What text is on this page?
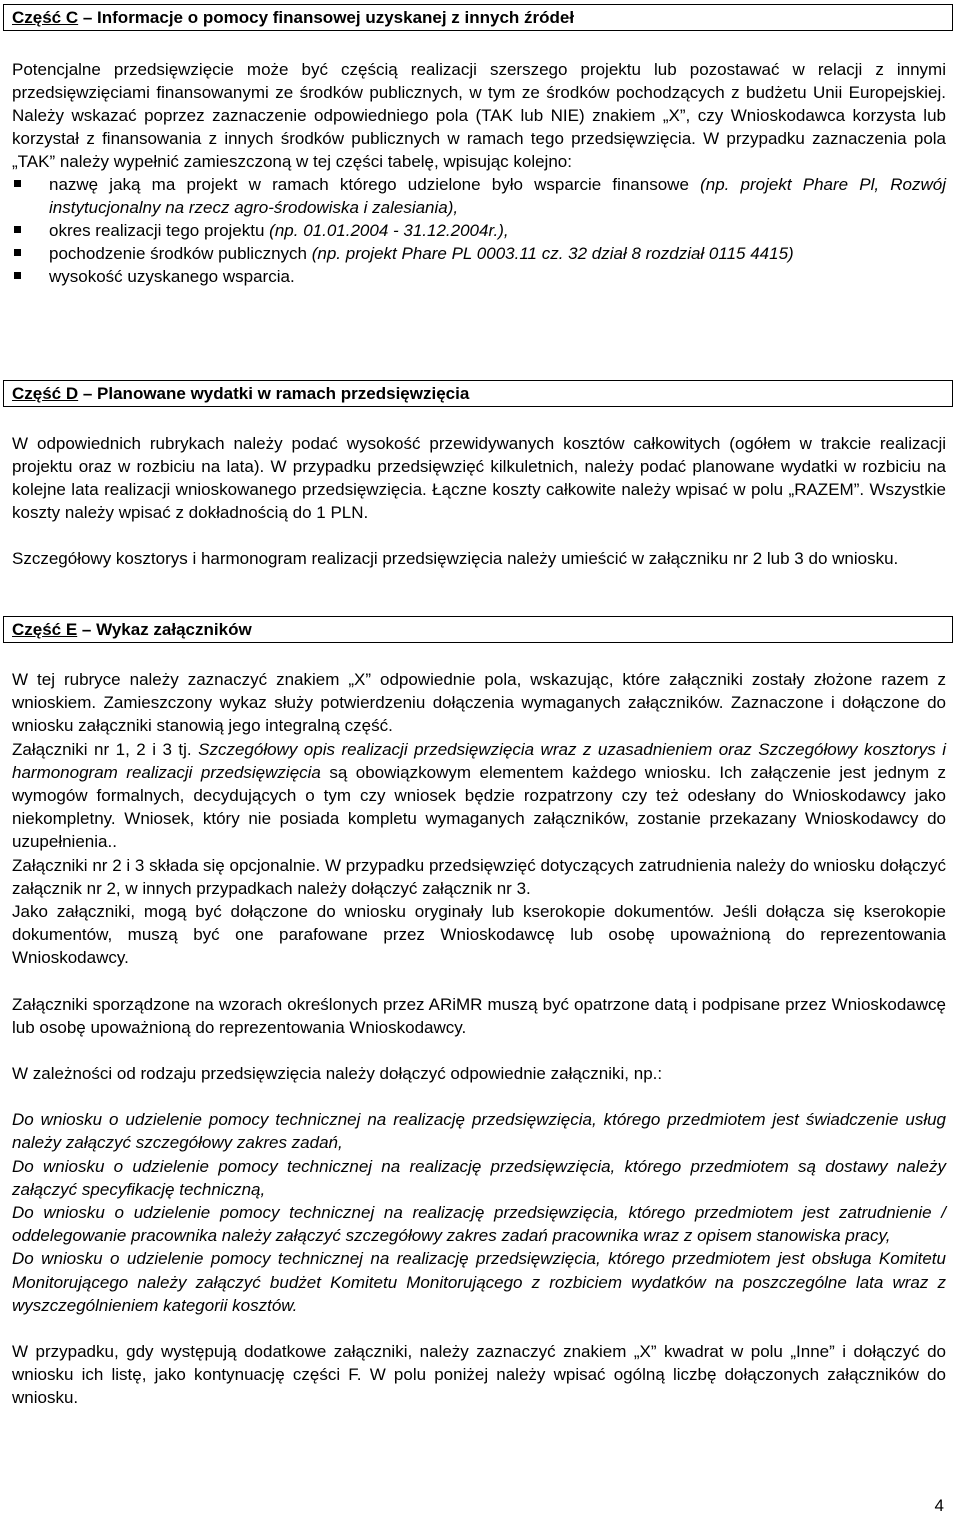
Część C – Informacje o pomocy finansowej uzyskanej z innych źródeł
Potencjalne przedsięwzięcie może być częścią realizacji szerszego projektu lub pozostawać w relacji z innymi przedsięwzięciami finansowanymi ze środków publicznych, w tym ze środków pochodzących z budżetu Unii Europejskiej. Należy wskazać poprzez zaznaczenie odpowiedniego pola (TAK lub NIE) znakiem „X”, czy Wnioskodawca korzysta lub korzystał z finansowania z innych środków publicznych w ramach tego przedsięwzięcia. W przypadku zaznaczenia pola „TAK” należy wypełnić zamieszczoną w tej części tabelę, wpisując kolejno:
nazwę jaką ma projekt w ramach którego udzielone było wsparcie finansowe (np. projekt Phare Pl, Rozwój instytucjonalny na rzecz agro-środowiska i zalesiania),
okres realizacji tego projektu (np. 01.01.2004 - 31.12.2004r.),
pochodzenie środków publicznych (np. projekt Phare PL 0003.11 cz. 32 dział 8 rozdział 0115 4415)
wysokość uzyskanego wsparcia.
Część D – Planowane wydatki w ramach przedsięwzięcia
W odpowiednich rubrykach należy podać wysokość przewidywanych kosztów całkowitych (ogółem w trakcie realizacji projektu oraz w rozbiciu na lata). W przypadku przedsięwzięć kilkuletnich, należy podać planowane wydatki w rozbiciu na kolejne lata realizacji wnioskowanego przedsięwzięcia. Łączne koszty całkowite należy wpisać w polu „RAZEM”. Wszystkie koszty należy wpisać z dokładnością do 1 PLN.
Szczegółowy kosztorys i harmonogram realizacji przedsięwzięcia należy umieścić w załączniku nr 2 lub 3 do wniosku.
Część E – Wykaz załączników
W tej rubryce należy zaznaczyć znakiem „X” odpowiednie pola, wskazując, które załączniki zostały złożone razem z wnioskiem. Zamieszczony wykaz służy potwierdzeniu dołączenia wymaganych załączników. Zaznaczone i dołączone do wniosku załączniki stanowią jego integralną część.
Załączniki nr 1, 2 i 3 tj. Szczegółowy opis realizacji przedsięwzięcia wraz z uzasadnieniem oraz Szczegółowy kosztorys i harmonogram realizacji przedsięwzięcia są obowiązkowym elementem każdego wniosku. Ich załączenie jest jednym z wymogów formalnych, decydujących o tym czy wniosek będzie rozpatrzony czy też odesłany do Wnioskodawcy jako niekompletny. Wniosek, który nie posiada kompletu wymaganych załączników, zostanie przekazany Wnioskodawcy do uzupełnienia..
Załączniki nr 2 i 3 składa się opcjonalnie. W przypadku przedsięwzięć dotyczących zatrudnienia należy do wniosku dołączyć załącznik nr 2, w innych przypadkach należy dołączyć załącznik nr 3.
Jako załączniki, mogą być dołączone do wniosku oryginały lub kserokopie dokumentów. Jeśli dołącza się kserokopie dokumentów, muszą być one parafowane przez Wnioskodawcę lub osobę upoważnioną do reprezentowania Wnioskodawcy.
Załączniki sporządzone na wzorach określonych przez ARiMR muszą być opatrzone datą i podpisane przez Wnioskodawcę lub osobę upoważnioną do reprezentowania Wnioskodawcy.
W zależności od rodzaju przedsięwzięcia należy dołączyć odpowiednie załączniki, np.:
Do wniosku o udzielenie pomocy technicznej na realizację przedsięwzięcia, którego przedmiotem jest świadczenie usług należy załączyć szczegółowy zakres zadań,
Do wniosku o udzielenie pomocy technicznej na realizację przedsięwzięcia, którego przedmiotem są dostawy należy załączyć specyfikację techniczną,
Do wniosku o udzielenie pomocy technicznej na realizację przedsięwzięcia, którego przedmiotem jest zatrudnienie / oddelegowanie pracownika należy załączyć szczegółowy zakres zadań pracownika wraz z opisem stanowiska pracy,
Do wniosku o udzielenie pomocy technicznej na realizację przedsięwzięcia, którego przedmiotem jest obsługa Komitetu Monitorującego należy załączyć budżet Komitetu Monitorującego z rozbiciem wydatków na poszczególne lata wraz z wyszczególnieniem kategorii kosztów.
W przypadku, gdy występują dodatkowe załączniki, należy zaznaczyć znakiem „X” kwadrat w polu „Inne” i dołączyć do wniosku ich listę, jako kontynuację części F. W polu poniżej należy wpisać ogólną liczbę dołączonych załączników do wniosku.
4
